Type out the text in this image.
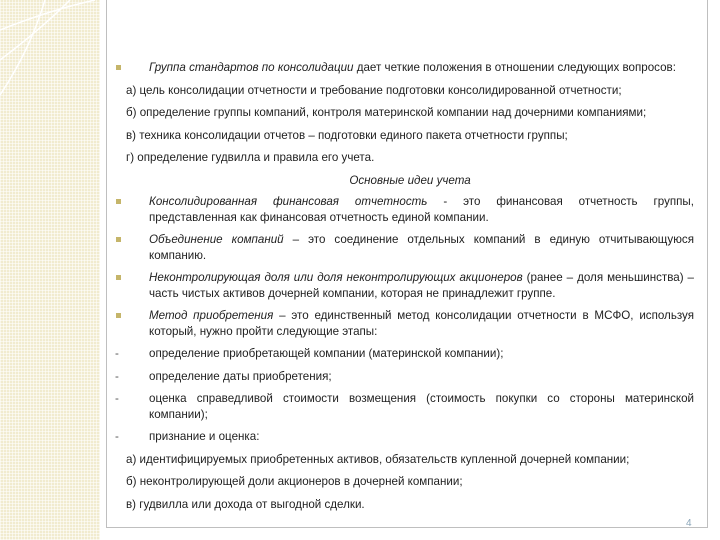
Группа стандартов по консолидации дает четкие положения в отношении следующих вопросов:
а) цель консолидации отчетности и требование подготовки консолидированной отчетности;
б) определение группы компаний, контроля материнской компании над дочерними компаниями;
в) техника консолидации отчетов – подготовки единого пакета отчетности группы;
г) определение гудвилла и правила его учета.
Основные идеи учета
Консолидированная финансовая отчетность - это финансовая отчетность группы, представленная как финансовая отчетность единой компании.
Объединение компаний – это соединение отдельных компаний в единую отчитывающуюся компанию.
Неконтролирующая доля или доля неконтролирующих акционеров (ранее – доля меньшинства) – часть чистых активов дочерней компании, которая не принадлежит группе.
Метод приобретения – это единственный метод консолидации отчетности в МСФО, используя который, нужно пройти следующие этапы:
-	определение приобретающей компании (материнской компании);
-	определение даты приобретения;
-	оценка справедливой стоимости возмещения (стоимость покупки со стороны материнской компании);
-	признание и оценка:
а) идентифицируемых приобретенных активов, обязательств купленной дочерней компании;
б) неконтролирующей доли акционеров в дочерней компании;
в) гудвилла или дохода от выгодной сделки.
4
